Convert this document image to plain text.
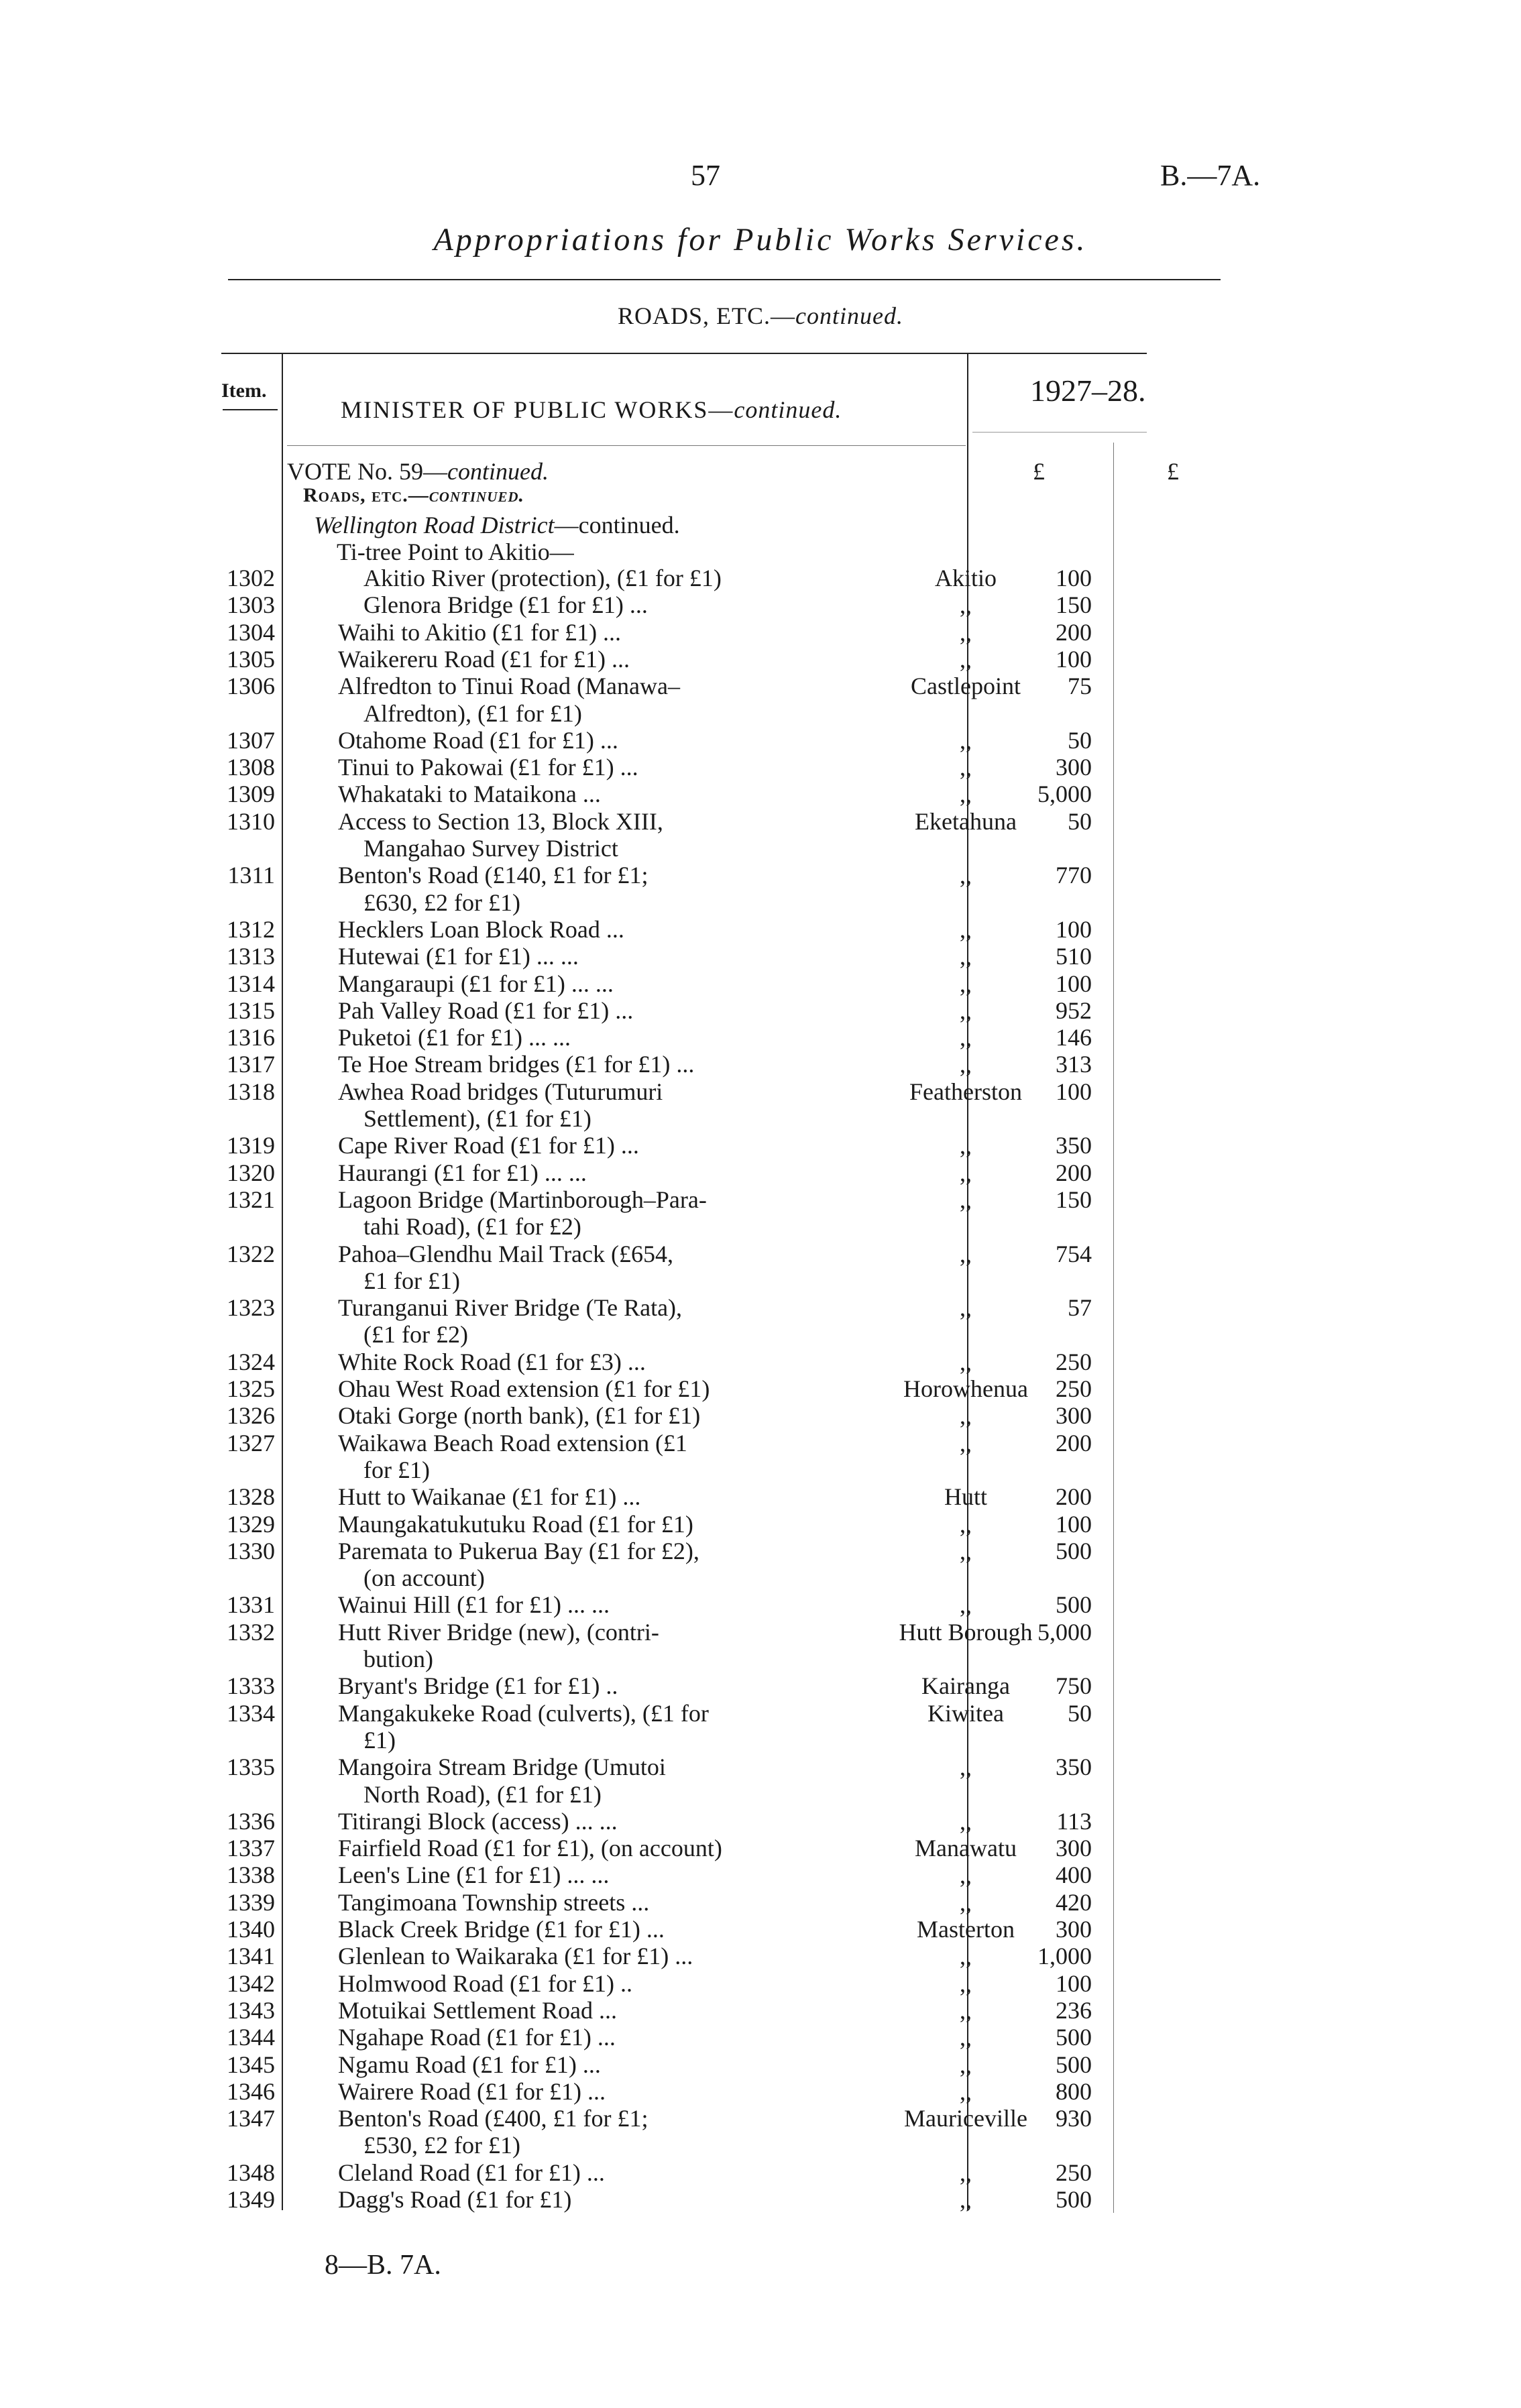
57	B.—7A.
Appropriations for Public Works Services.
ROADS, ETC.—continued.
Item.
MINISTER OF PUBLIC WORKS—continued.
1927–28.
VOTE No. 59—continued.	£	£
Roads, etc.—continued.
Wellington Road District—continued.
Ti-tree Point to Akitio—
1302	Akitio River (protection), (£1 for £1)	Akitio	100
1303	Glenora Bridge (£1 for £1) ...	,,	150
1304	Waihi to Akitio (£1 for £1) ...	,,	200
1305	Waikereru Road (£1 for £1) ...	,,	100
1306	Alfredton to Tinui Road (Manawa–
Alfredton), (£1 for £1)
Castlepoint	75
1307	Otahome Road (£1 for £1) ...	,,	50
1308	Tinui to Pakowai (£1 for £1) ...	,,	300
1309	Whakataki to Mataikona ...	,,	5,000
1310	Access to Section 13, Block XIII,
Mangahao Survey District
Eketahuna	50
1311	Benton's Road (£140, £1 for £1;
£630, £2 for £1)
,,	770
1312	Hecklers Loan Block Road ...	,,	100
1313	Hutewai (£1 for £1) ... ...	,,	510
1314	Mangaraupi (£1 for £1) ... ...	,,	100
1315	Pah Valley Road (£1 for £1) ...	,,	952
1316	Puketoi (£1 for £1) ... ...	,,	146
1317	Te Hoe Stream bridges (£1 for £1) ...	,,	313
1318	Awhea Road bridges (Tuturumuri
Settlement), (£1 for £1)
Featherston	100
1319	Cape River Road (£1 for £1) ...	,,	350
1320	Haurangi (£1 for £1) ... ...	,,	200
1321	Lagoon Bridge (Martinborough–Para-
tahi Road), (£1 for £2)
,,	150
1322	Pahoa–Glendhu Mail Track (£654,
£1 for £1)
,,	754
1323	Turanganui River Bridge (Te Rata),
(£1 for £2)
,,	57
1324	White Rock Road (£1 for £3) ...	,,	250
1325	Ohau West Road extension (£1 for £1)	Horowhenua	250
1326	Otaki Gorge (north bank), (£1 for £1)	,,	300
1327	Waikawa Beach Road extension (£1
for £1)
,,	200
1328	Hutt to Waikanae (£1 for £1) ...	Hutt	200
1329	Maungakatukutuku Road (£1 for £1)	,,	100
1330	Paremata to Pukerua Bay (£1 for £2),
(on account)
,,	500
1331	Wainui Hill (£1 for £1) ... ...	,,	500
1332	Hutt River Bridge (new), (contri-
bution)
Hutt Borough 5,000
1333	Bryant's Bridge (£1 for £1) ..	Kairanga	750
1334	Mangakukeke Road (culverts), (£1 for
£1)
Kiwitea	50
1335	Mangoira Stream Bridge (Umutoi
North Road), (£1 for £1)
,,	350
1336	Titirangi Block (access) ... ...	,,	113
1337	Fairfield Road (£1 for £1), (on account)	Manawatu	300
1338	Leen's Line (£1 for £1) ... ...	,,	400
1339	Tangimoana Township streets ...	,,	420
1340	Black Creek Bridge (£1 for £1) ...	Masterton	300
1341	Glenlean to Waikaraka (£1 for £1) ...	,,	1,000
1342	Holmwood Road (£1 for £1) ..	,,	100
1343	Motuikai Settlement Road ...	,,	236
1344	Ngahape Road (£1 for £1) ...	,,	500
1345	Ngamu Road (£1 for £1) ...	,,	500
1346	Wairere Road (£1 for £1) ...	,,	800
1347	Benton's Road (£400, £1 for £1;
£530, £2 for £1)
Mauriceville	930
1348	Cleland Road (£1 for £1) ...	,,	250
1349	Dagg's Road (£1 for £1)	,,	500
8—B. 7A.
